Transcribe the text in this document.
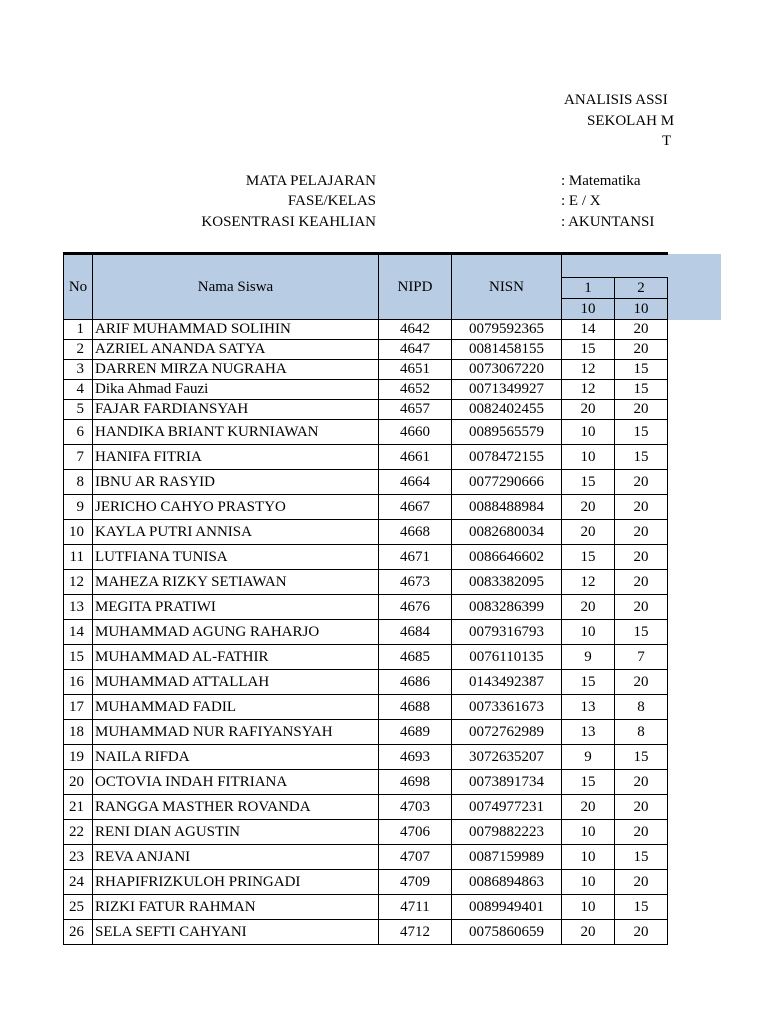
ANALISIS ASSI
SEKOLAH M
T
MATA PELAJARAN	: Matematika
FASE/KELAS	: E / X
KOSENTRASI KEAHLIAN	: AKUNTANSI
No	Nama Siswa	NIPD	NISN		
				1	2
				10	10
1	ARIF MUHAMMAD SOLIHIN	4642	0079592365	14	20
2	AZRIEL ANANDA SATYA	4647	0081458155	15	20
3	DARREN MIRZA NUGRAHA	4651	0073067220	12	15
4	Dika Ahmad Fauzi	4652	0071349927	12	15
5	FAJAR FARDIANSYAH	4657	0082402455	20	20
6	HANDIKA BRIANT KURNIAWAN	4660	0089565579	10	15
7	HANIFA FITRIA	4661	0078472155	10	15
8	IBNU AR RASYID	4664	0077290666	15	20
9	JERICHO CAHYO PRASTYO	4667	0088488984	20	20
10	KAYLA PUTRI ANNISA	4668	0082680034	20	20
11	LUTFIANA TUNISA	4671	0086646602	15	20
12	MAHEZA RIZKY SETIAWAN	4673	0083382095	12	20
13	MEGITA PRATIWI	4676	0083286399	20	20
14	MUHAMMAD AGUNG RAHARJO	4684	0079316793	10	15
15	MUHAMMAD AL-FATHIR	4685	0076110135	9	7
16	MUHAMMAD ATTALLAH	4686	0143492387	15	20
17	MUHAMMAD FADIL	4688	0073361673	13	8
18	MUHAMMAD NUR RAFIYANSYAH	4689	0072762989	13	8
19	NAILA RIFDA	4693	3072635207	9	15
20	OCTOVIA INDAH FITRIANA	4698	0073891734	15	20
21	RANGGA MASTHER ROVANDA	4703	0074977231	20	20
22	RENI DIAN AGUSTIN	4706	0079882223	10	20
23	REVA ANJANI	4707	0087159989	10	15
24	RHAPIFRIZKULOH PRINGADI	4709	0086894863	10	20
25	RIZKI FATUR RAHMAN	4711	0089949401	10	15
26	SELA SEFTI CAHYANI	4712	0075860659	20	20
